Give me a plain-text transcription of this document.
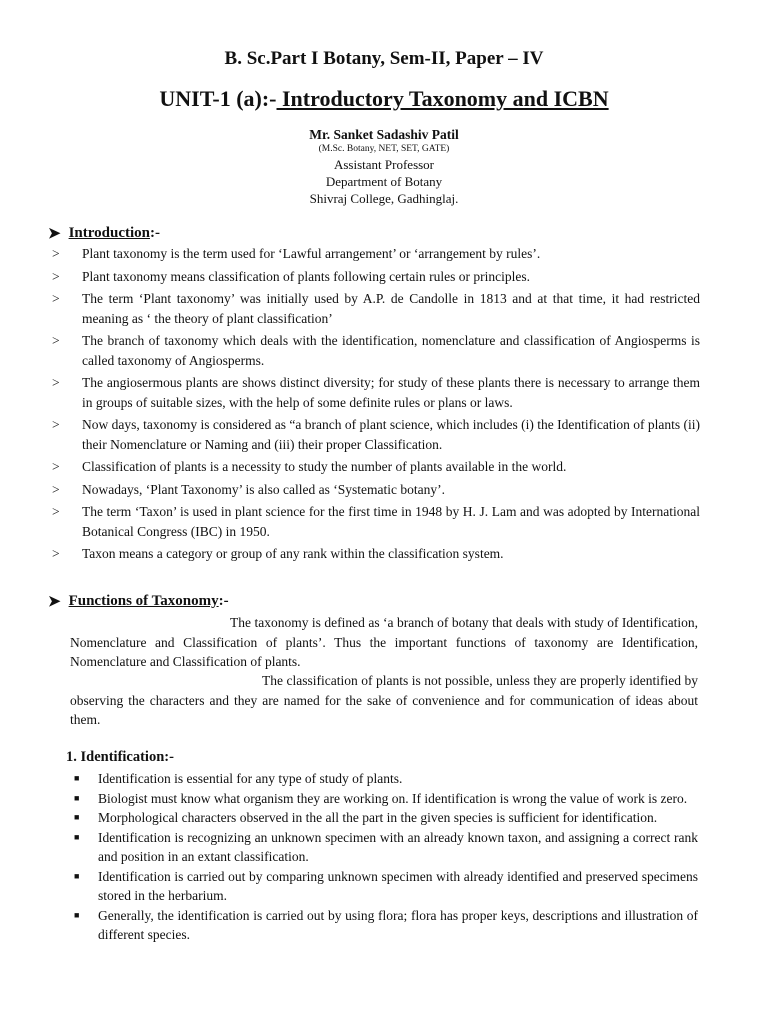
B. Sc.Part I Botany, Sem-II, Paper – IV
UNIT-1 (a):- Introductory Taxonomy and ICBN
Mr. Sanket Sadashiv Patil
(M.Sc. Botany, NET, SET, GATE)
Assistant Professor
Department of Botany
Shivraj College, Gadhinglaj.
➤ Introduction :-
>	Plant taxonomy is the term used for ‘Lawful arrangement’ or ‘arrangement by rules’.
>	Plant taxonomy means classification of plants following certain rules or principles.
>	The term ‘Plant taxonomy’ was initially used by A.P. de Candolle in 1813 and at that time, it had restricted meaning as ‘ the theory of plant classification’
>	The branch of taxonomy which deals with the identification, nomenclature and classification of Angiosperms is called taxonomy of Angiosperms.
>	The angiosermous plants are shows distinct diversity; for study of these plants there is necessary to arrange them in groups of suitable sizes, with the help of some definite rules or plans or laws.
>	Now days, taxonomy is considered as “a branch of plant science, which includes (i) the Identification of plants (ii) their Nomenclature or Naming and (iii) their proper Classification.
>	Classification of plants is a necessity to study the number of plants available in the world.
>	Nowadays, ‘Plant Taxonomy’ is also called as ‘Systematic botany’.
>	The term ‘Taxon’ is used in plant science for the first time in 1948 by H. J. Lam and was adopted by International Botanical Congress (IBC) in 1950.
>	Taxon means a category or group of any rank within the classification system.
➤ Functions of Taxonomy :-

The taxonomy is defined as ‘a branch of botany that deals with study of Identification, Nomenclature and Classification of plants’. Thus the important functions of taxonomy are Identification, Nomenclature and Classification of plants.

The classification of plants is not possible, unless they are properly identified by observing the characters and they are named for the sake of convenience and for communication of ideas about them.

1. Identification:-
■	Identification is essential for any type of study of plants.
■	Biologist must know what organism they are working on. If identification is wrong the value of work is zero.
■	Morphological characters observed in the all the part in the given species is sufficient for identification.
■	Identification is recognizing an unknown specimen with an already known taxon, and assigning a correct rank and position in an extant classification.
■	Identification is carried out by comparing unknown specimen with already identified and preserved specimens stored in the herbarium.
■	Generally, the identification is carried out by using flora; flora has proper keys, descriptions and illustration of different species.
